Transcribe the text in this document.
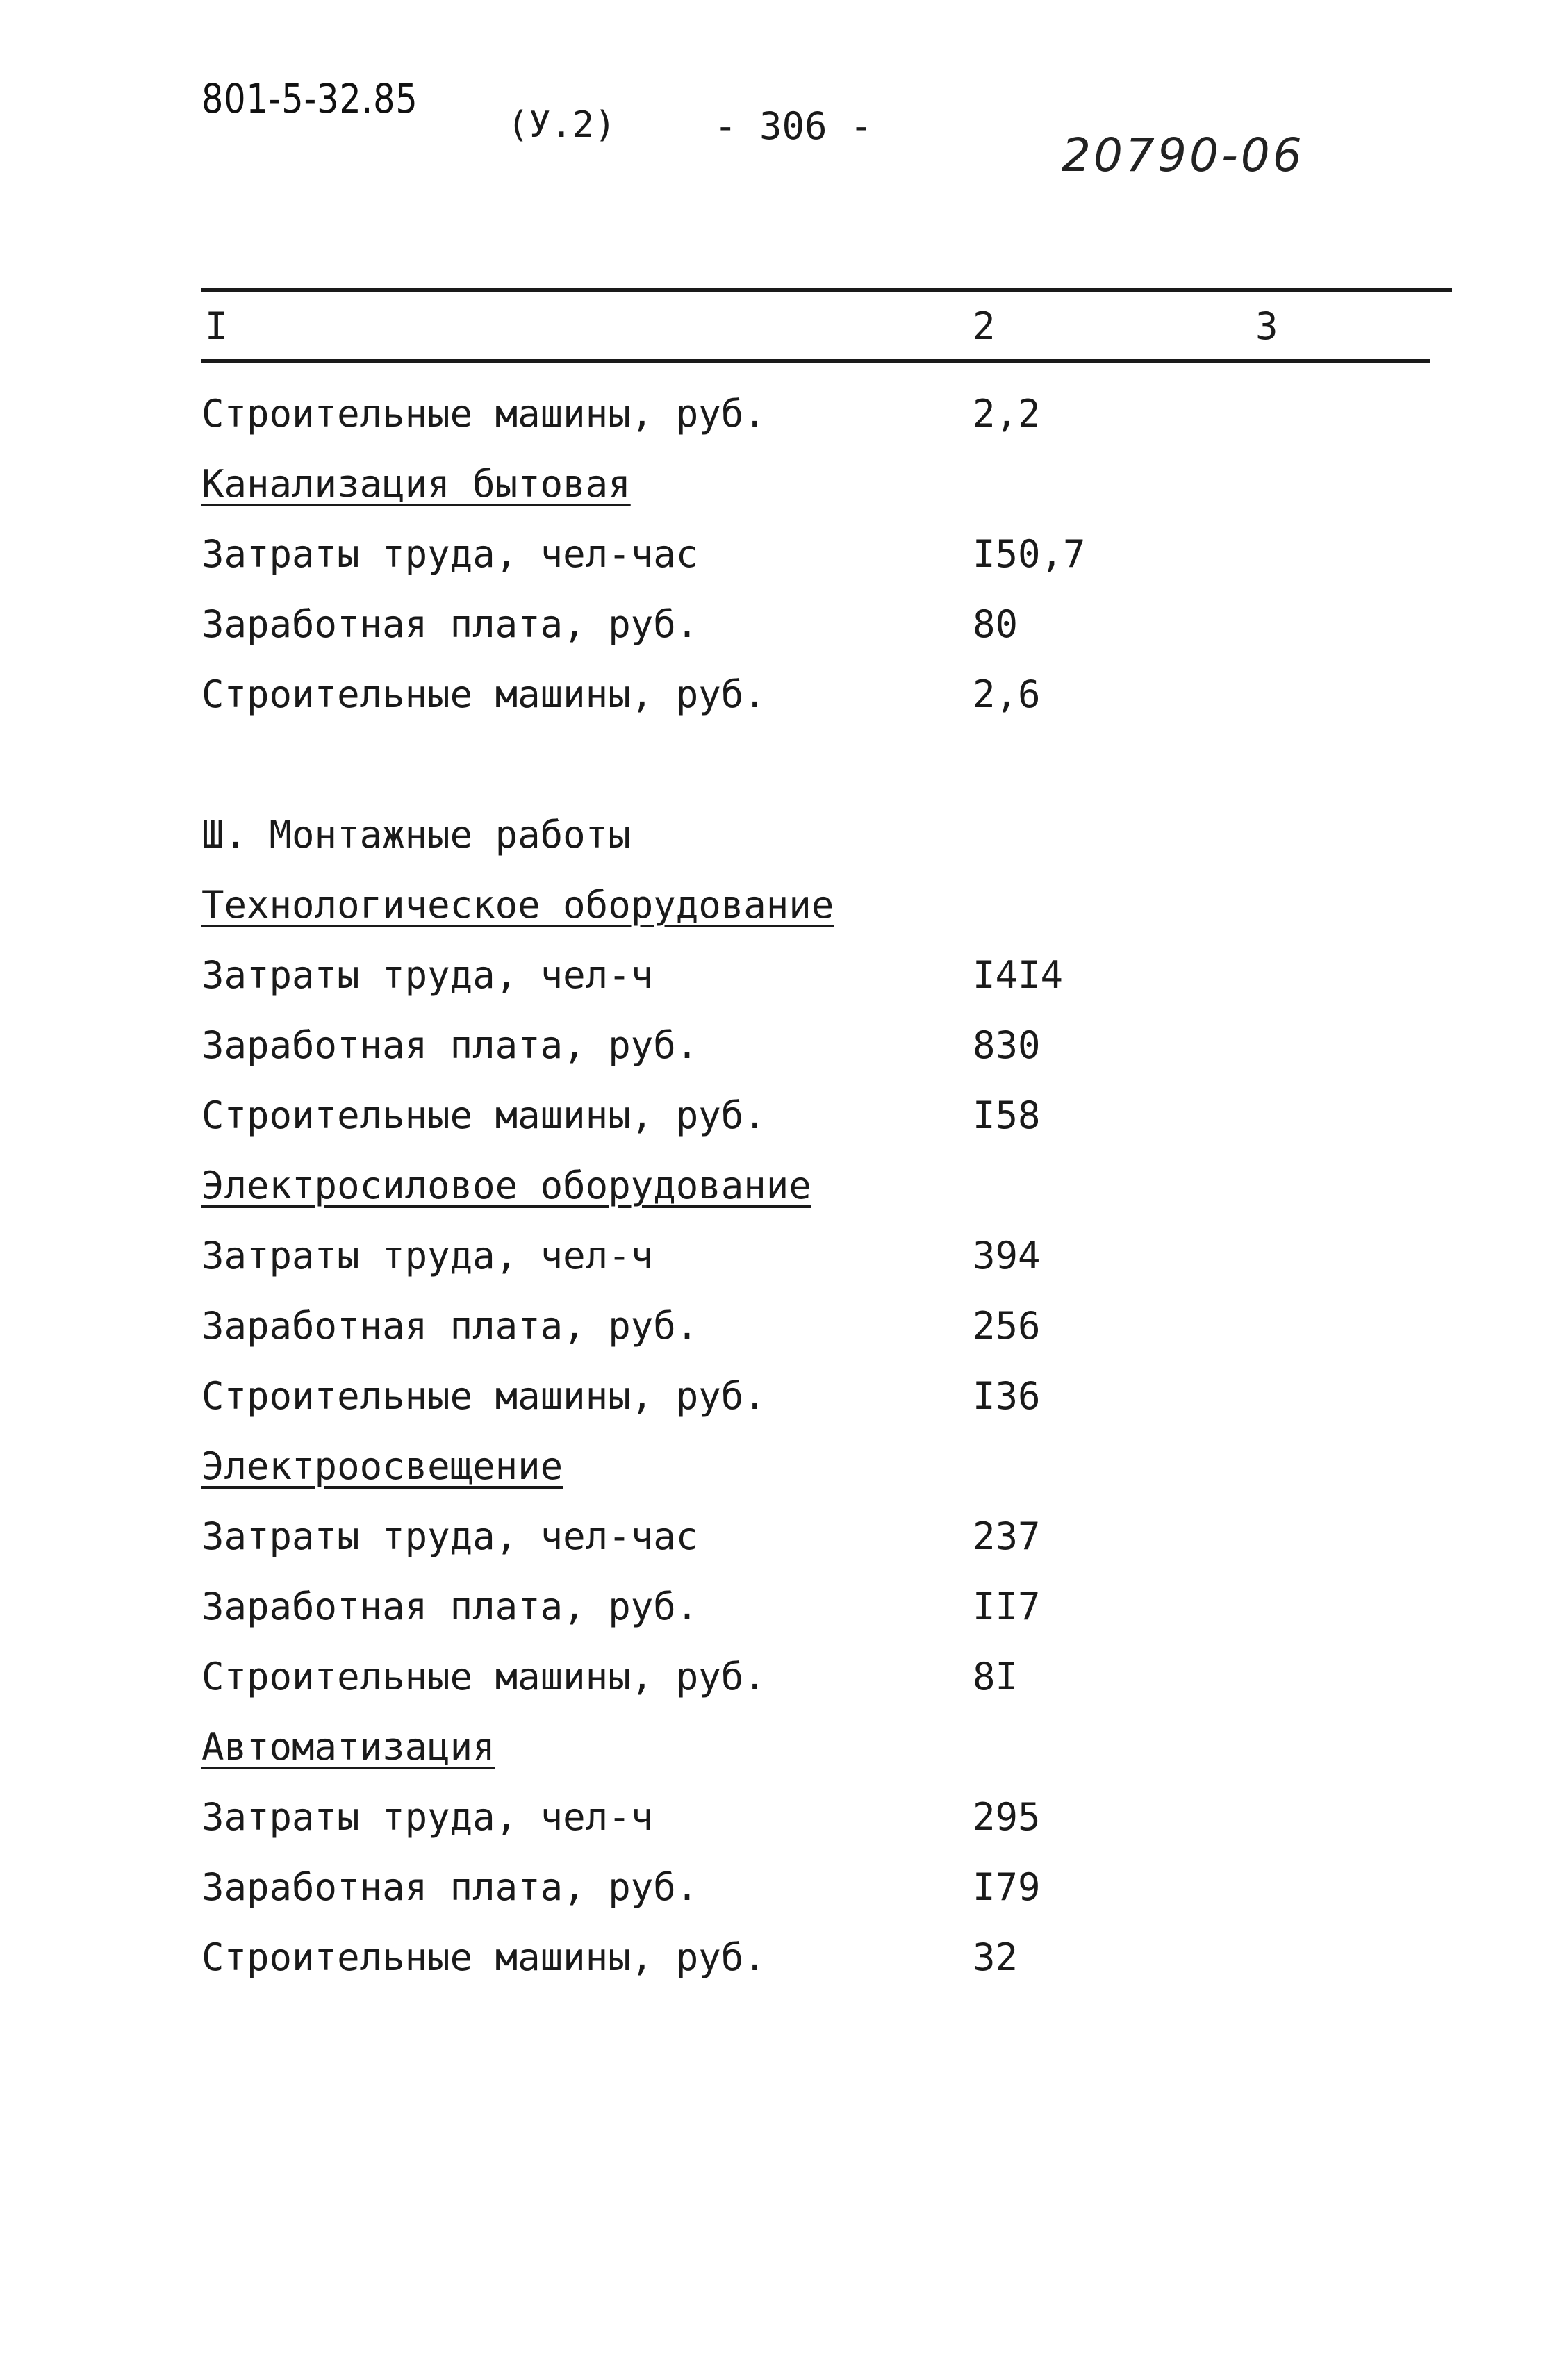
801-5-32.85
(У.2)	- 306 -
20790-06
I	2	3
Строительные машины, руб.	2,2
Канализация бытовая
Затраты труда, чел-час	I50,7
Заработная плата, руб.	80
Строительные машины, руб.	2,6
Ш. Монтажные работы
Технологическое оборудование
Затраты труда, чел-ч	I4I4
Заработная плата, руб.	830
Строительные машины, руб.	I58
Электросиловое оборудование
Затраты труда, чел-ч	394
Заработная плата, руб.	256
Строительные машины, руб.	I36
Электроосвещение
Затраты труда, чел-час	237
Заработная плата, руб.	II7
Строительные машины, руб.	8I
Автоматизация
Затраты труда, чел-ч	295
Заработная плата, руб.	I79
Строительные машины, руб.	32
